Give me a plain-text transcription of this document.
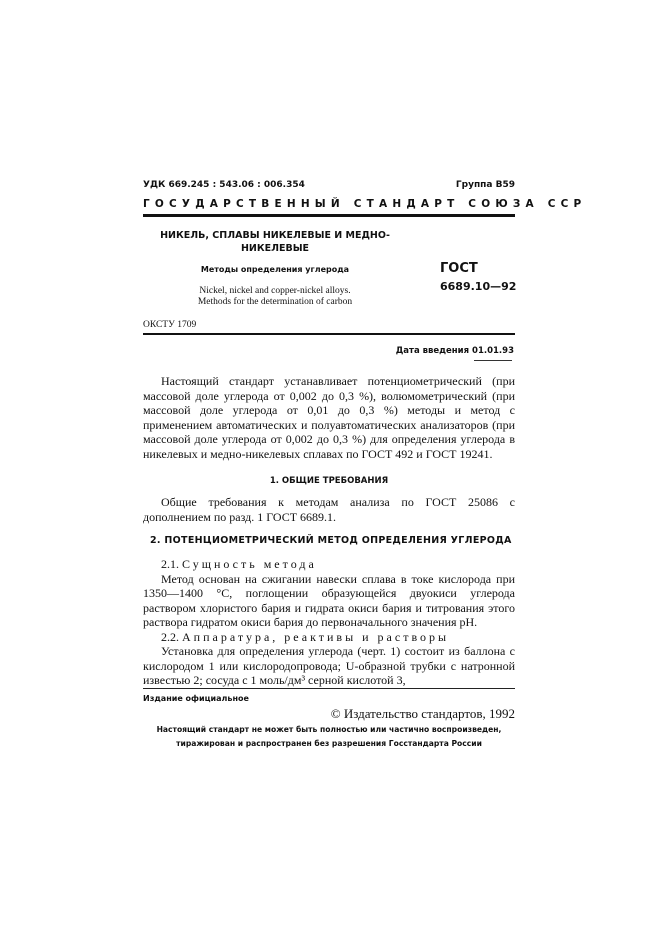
УДК 669.245 : 543.06 : 006.354	Группа В59
ГОСУДАРСТВЕННЫЙ СТАНДАРТ СОЮЗА ССР
НИКЕЛЬ, СПЛАВЫ НИКЕЛЕВЫЕ И МЕДНО-НИКЕЛЕВЫЕ
Методы определения углерода	ГОСТ
6689.10—92
Nickel, nickel and copper-nickel alloys.
Methods for the determination of carbon
ОКСТУ 1709
Дата введения 01.01.93
Настоящий стандарт устанавливает потенциометрический (при массовой доле углерода от 0,002 до 0,3 %), волюмометрический (при массовой доле углерода от 0,01 до 0,3 %) методы и метод с применением автоматических и полуавтоматических анализаторов (при массовой доле углерода от 0,002 до 0,3 %) для определения углерода в никелевых и медно-никелевых сплавах по ГОСТ 492 и ГОСТ 19241.
1. ОБЩИЕ ТРЕБОВАНИЯ
Общие требования к методам анализа по ГОСТ 25086 с дополнением по разд. 1 ГОСТ 6689.1.
2. ПОТЕНЦИОМЕТРИЧЕСКИЙ МЕТОД ОПРЕДЕЛЕНИЯ УГЛЕРОДА
2.1. Сущность метода
Метод основан на сжигании навески сплава в токе кислорода при 1350—1400 °С, поглощении образующейся двуокиси углерода раствором хлористого бария и гидрата окиси бария и титрования этого раствора гидратом окиси бария до первоначального значения pH.
2.2. Аппаратура, реактивы и растворы
Установка для определения углерода (черт. 1) состоит из баллона с кислородом 1 или кислородопровода; U-образной трубки с натронной известью 2; сосуда с 1 моль/дм³ серной кислотой 3,
Издание официальное
© Издательство стандартов, 1992
Настоящий стандарт не может быть полностью или частично воспроизведен,
тиражирован и распространен без разрешения Госстандарта России
